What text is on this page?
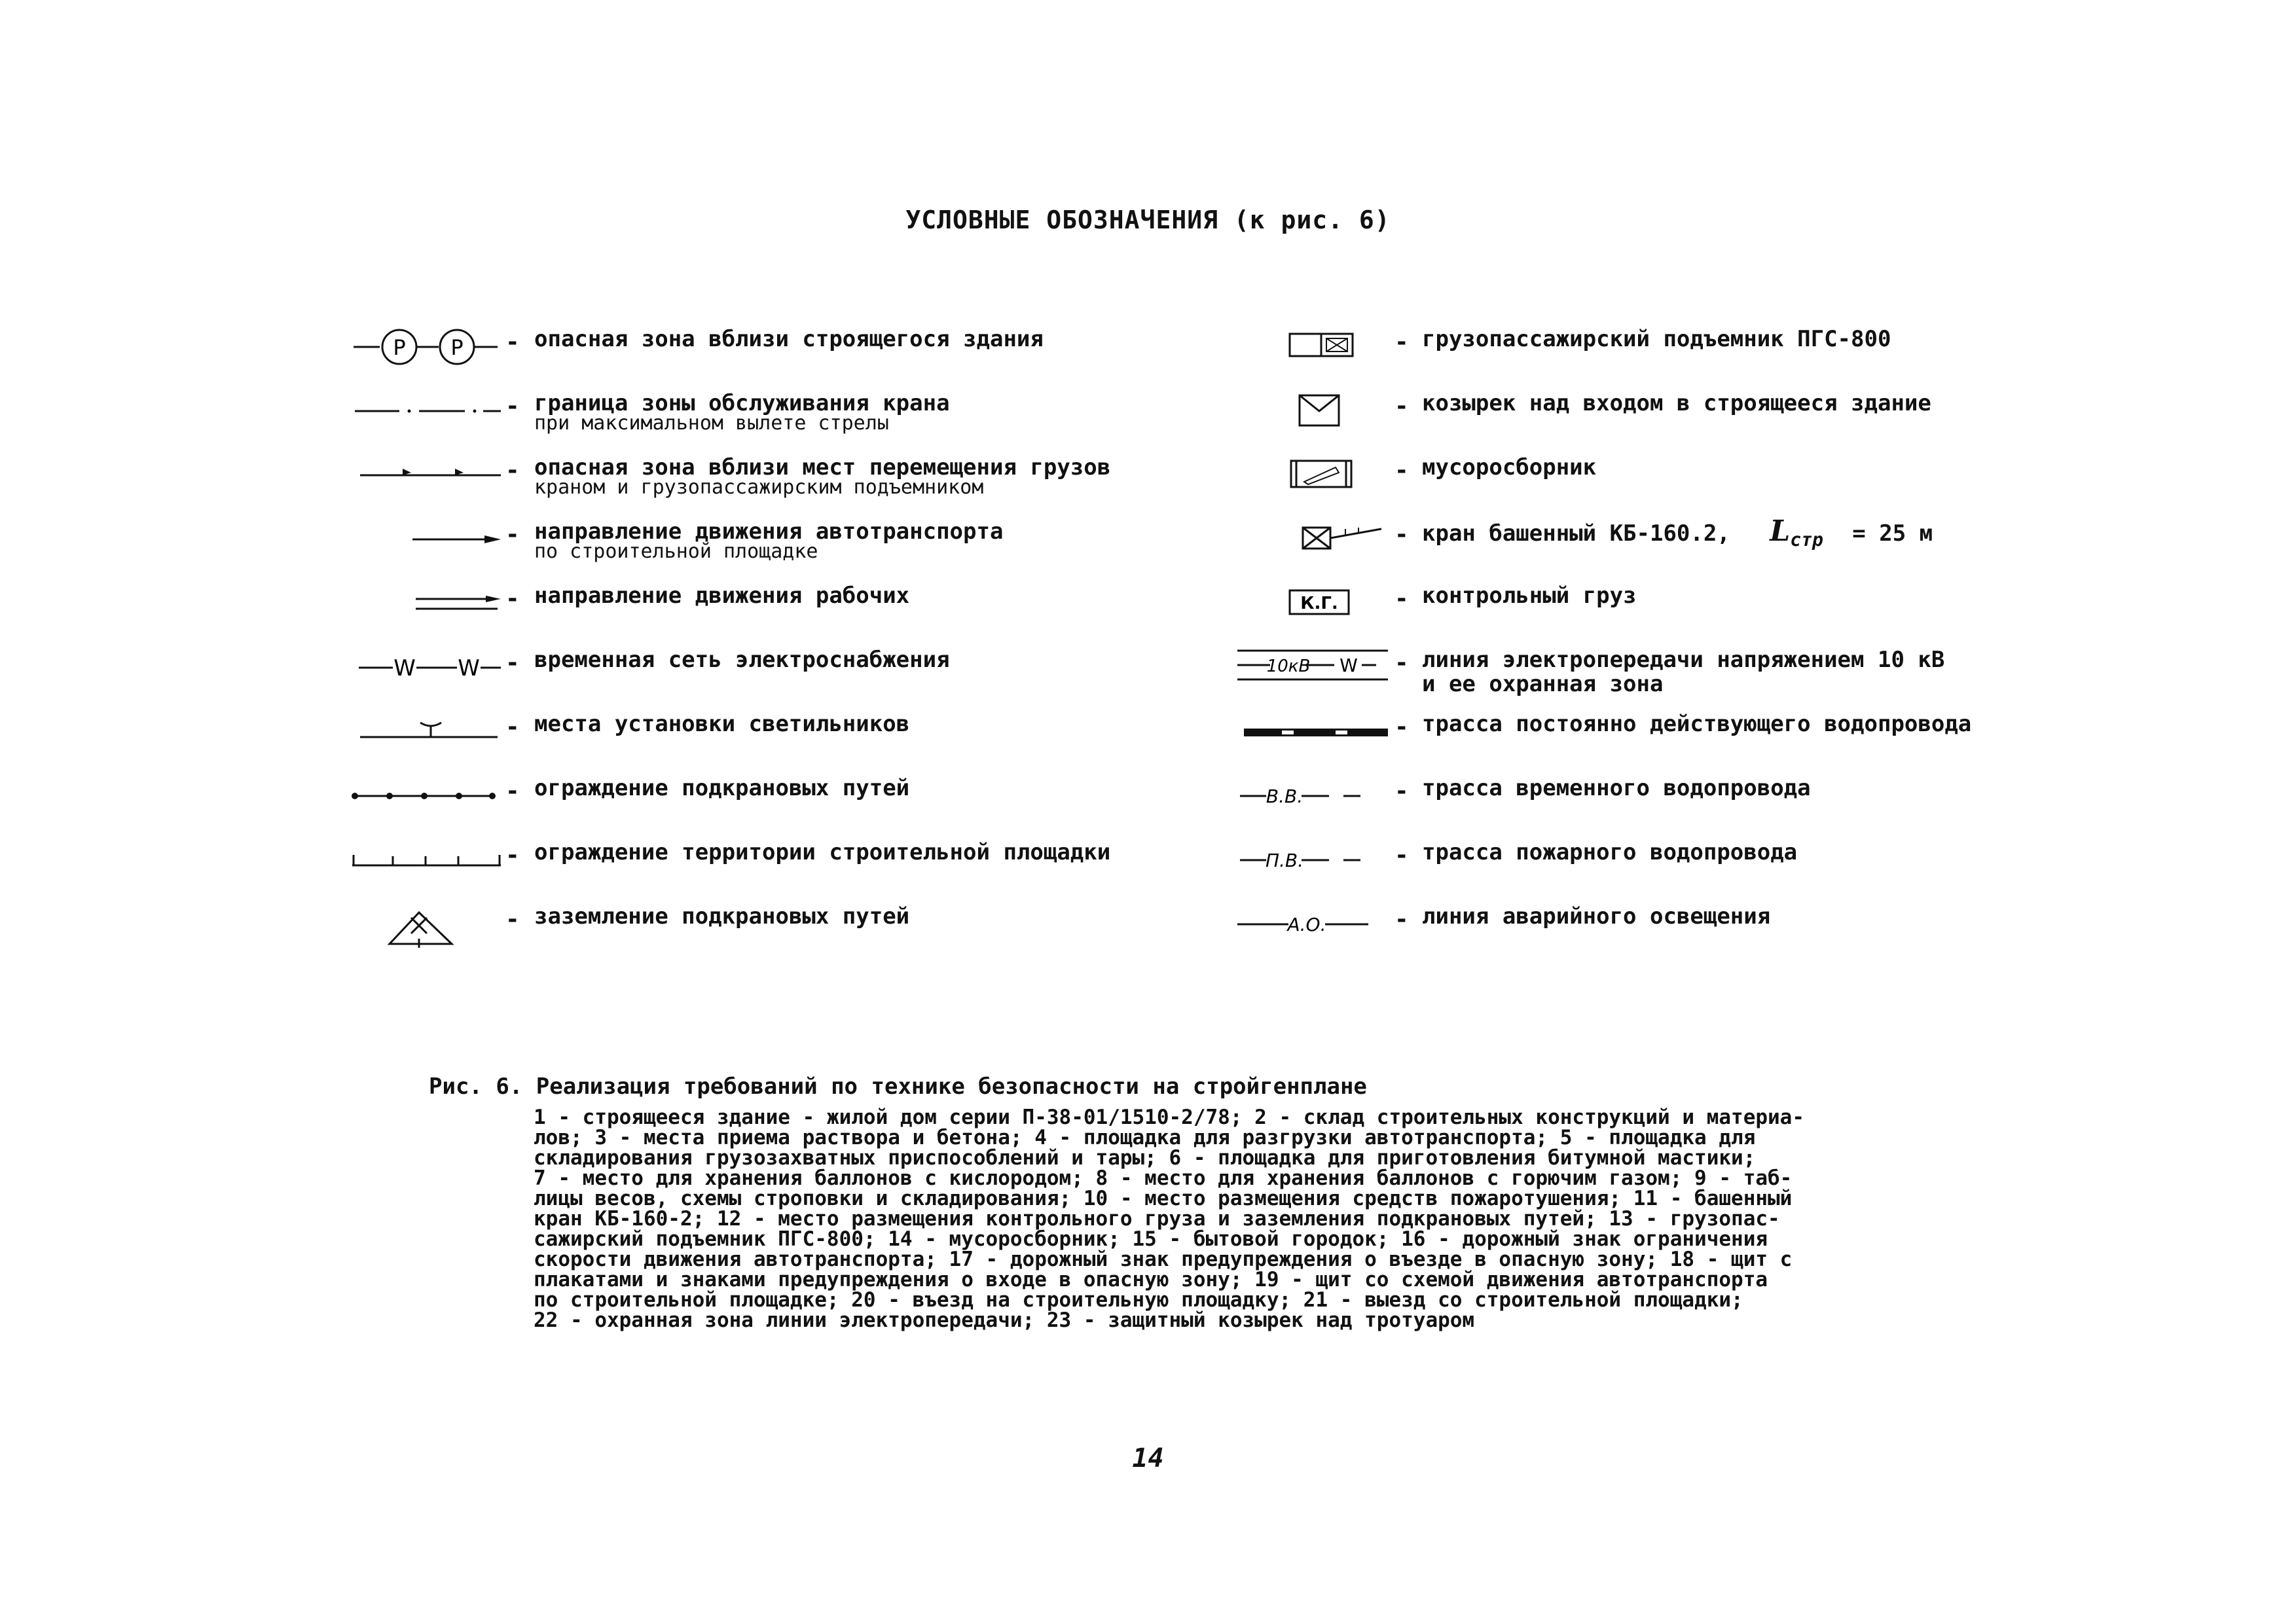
УСЛОВНЫЕ ОБОЗНАЧЕНИЯ (к рис. 6)
P P - опасная зона вблизи строящегося здания
- граница зоны обслуживания крана
при максимальном вылете стрелы
- опасная зона вблизи мест перемещения грузов
краном и грузопассажирским подъемником
- направление движения автотранспорта
по строительной площадке
- направление движения рабочих
W W - временная сеть электроснабжения
- места установки светильников
- ограждение подкрановых путей
- ограждение территории строительной площадки
- заземление подкрановых путей
- грузопассажирский подъемник ПГС-800
- козырек над входом в строящееся здание
- мусоросборник
- кран башенный КБ-160.2, $L_{стр} = 25$ м
К.Г. - контрольный груз
10кВ W - линия электропередачи напряжением 10 кВ
и ее охранная зона
- трасса постоянно действующего водопровода
В.В.	- трасса временного водопровода
П.В.	- трасса пожарного водопровода
А.О.	- линия аварийного освещения
Рис. 6. Реализация требований по технике безопасности на стройгенплане
1 - строящееся здание - жилой дом серии П-38-01/1510-2/78; 2 - склад строительных конструкций и материа-
лов; 3 - места приема раствора и бетона; 4 - площадка для разгрузки автотранспорта; 5 - площадка для
складирования грузозахватных приспособлений и тары; 6 - площадка для приготовления битумной мастики;
7 - место для хранения баллонов с кислородом; 8 - место для хранения баллонов с горючим газом; 9 - таб-
лицы весов, схемы строповки и складирования; 10 - место размещения средств пожаротушения; 11 - башенный
кран КБ-160-2; 12 - место размещения контрольного груза и заземления подкрановых путей; 13 - грузопас-
сажирский подъемник ПГС-800; 14 - мусоросборник; 15 - бытовой городок; 16 - дорожный знак ограничения
скорости движения автотранспорта; 17 - дорожный знак предупреждения о въезде в опасную зону; 18 - щит с
плакатами и знаками предупреждения о входе в опасную зону; 19 - щит со схемой движения автотранспорта
по строительной площадке; 20 - въезд на строительную площадку; 21 - выезд со строительной площадки;
22 - охранная зона линии электропередачи; 23 - защитный козырек над тротуаром
14
